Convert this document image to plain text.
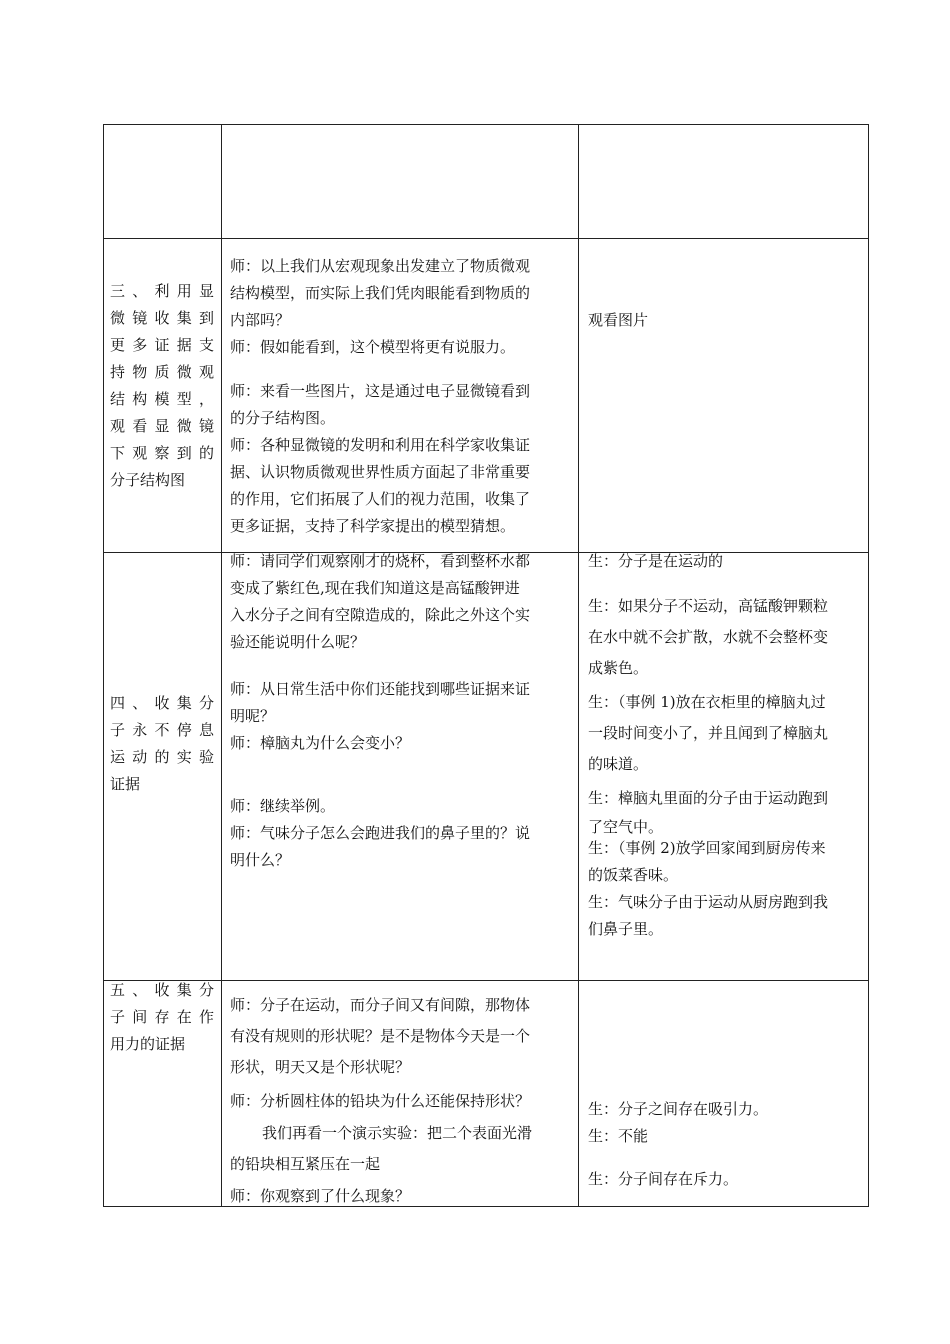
三、利用显
微镜收集到
更多证据支
持物质微观
结构模型，
观看显微镜
下观察到的
分子结构图
师：以上我们从宏观现象出发建立了物质微观
结构模型，而实际上我们凭肉眼能看到物质的
内部吗？
师：假如能看到，这个模型将更有说服力。
师：来看一些图片，这是通过电子显微镜看到
的分子结构图。
师：各种显微镜的发明和利用在科学家收集证
据、认识物质微观世界性质方面起了非常重要
的作用，它们拓展了人们的视力范围，收集了
更多证据，支持了科学家提出的模型猜想。
观看图片
四、收集分
子永不停息
运动的实验
证据
师：请同学们观察刚才的烧杯，看到整杯水都
变成了紫红色,现在我们知道这是高锰酸钾进
入水分子之间有空隙造成的，除此之外这个实
验还能说明什么呢？
师：从日常生活中你们还能找到哪些证据来证
明呢？
师：樟脑丸为什么会变小？
师：继续举例。
师：气味分子怎么会跑进我们的鼻子里的？说
明什么？
生：分子是在运动的
生：如果分子不运动，高锰酸钾颗粒
在水中就不会扩散，水就不会整杯变
成紫色。
生：（事例 1)放在衣柜里的樟脑丸过
一段时间变小了，并且闻到了樟脑丸
的味道。
生：樟脑丸里面的分子由于运动跑到
了空气中。
生：（事例 2)放学回家闻到厨房传来
的饭菜香味。
生：气味分子由于运动从厨房跑到我
们鼻子里。
五、收集分
子间存在作
用力的证据
师：分子在运动，而分子间又有间隙，那物体
有没有规则的形状呢？是不是物体今天是一个
形状，明天又是个形状呢？
师：分析圆柱体的铅块为什么还能保持形状？
我们再看一个演示实验：把二个表面光滑
的铅块相互紧压在一起
师：你观察到了什么现象？
生：分子之间存在吸引力。
生：不能
生：分子间存在斥力。
